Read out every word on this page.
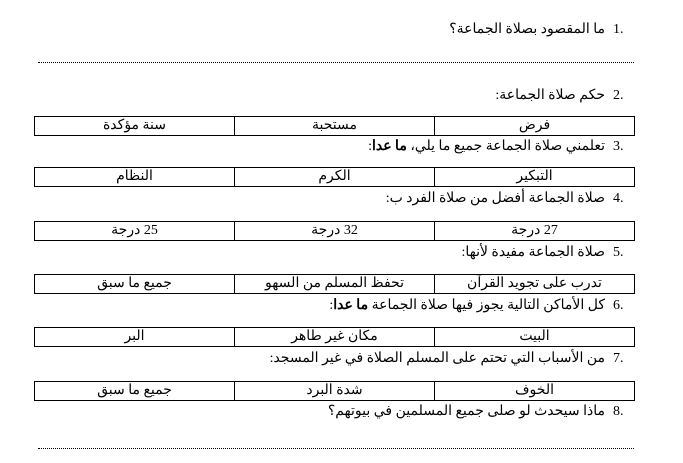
1.ما المقصود بصلاة الجماعة؟
2.حكم صلاة الجماعة:
فرض	مستحبة	سنة مؤكدة
3.تعلمني صلاة الجماعة جميع ما يلي، ما عدا:
التبكير	الكرم	النظام
4.صلاة الجماعة أفضل من صلاة الفرد ب:
27 درجة	32 درجة	25 درجة
5.صلاة الجماعة مفيدة لأنها:
تدرب على تجويد القرآن	تحفظ المسلم من السهو	جميع ما سبق
6.كل الأماكن التالية يجوز فيها صلاة الجماعة ما عدا:
البيت	مكان غير طاهر	البر
7.من الأسباب التي تحتم على المسلم الصلاة في غير المسجد:
الخوف	شدة البرد	جميع ما سبق
8.ماذا سيحدث لو صلى جميع المسلمين في بيوتهم؟
